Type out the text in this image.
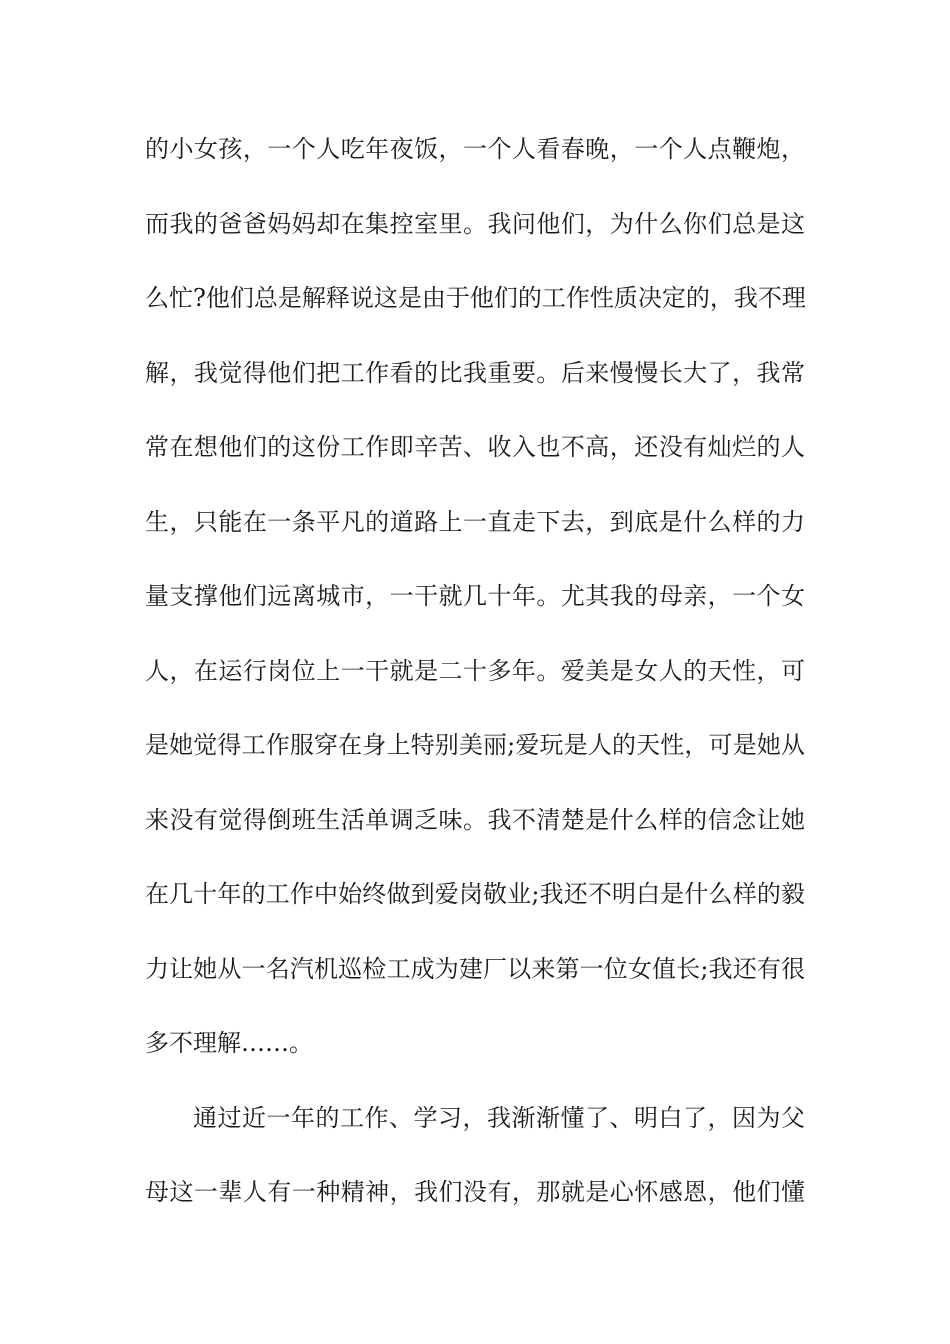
的小女孩，一个人吃年夜饭，一个人看春晚，一个人点鞭炮，
而我的爸爸妈妈却在集控室里。我问他们，为什么你们总是这
么忙?他们总是解释说这是由于他们的工作性质决定的，我不理
解，我觉得他们把工作看的比我重要。后来慢慢长大了，我常
常在想他们的这份工作即辛苦、收入也不高，还没有灿烂的人
生，只能在一条平凡的道路上一直走下去，到底是什么样的力
量支撑他们远离城市，一干就几十年。尤其我的母亲，一个女
人，在运行岗位上一干就是二十多年。爱美是女人的天性，可
是她觉得工作服穿在身上特别美丽;爱玩是人的天性，可是她从
来没有觉得倒班生活单调乏味。我不清楚是什么样的信念让她
在几十年的工作中始终做到爱岗敬业;我还不明白是什么样的毅
力让她从一名汽机巡检工成为建厂以来第一位女值长;我还有很
多不理解……。
通过近一年的工作、学习，我渐渐懂了、明白了，因为父
母这一辈人有一种精神，我们没有，那就是心怀感恩，他们懂
